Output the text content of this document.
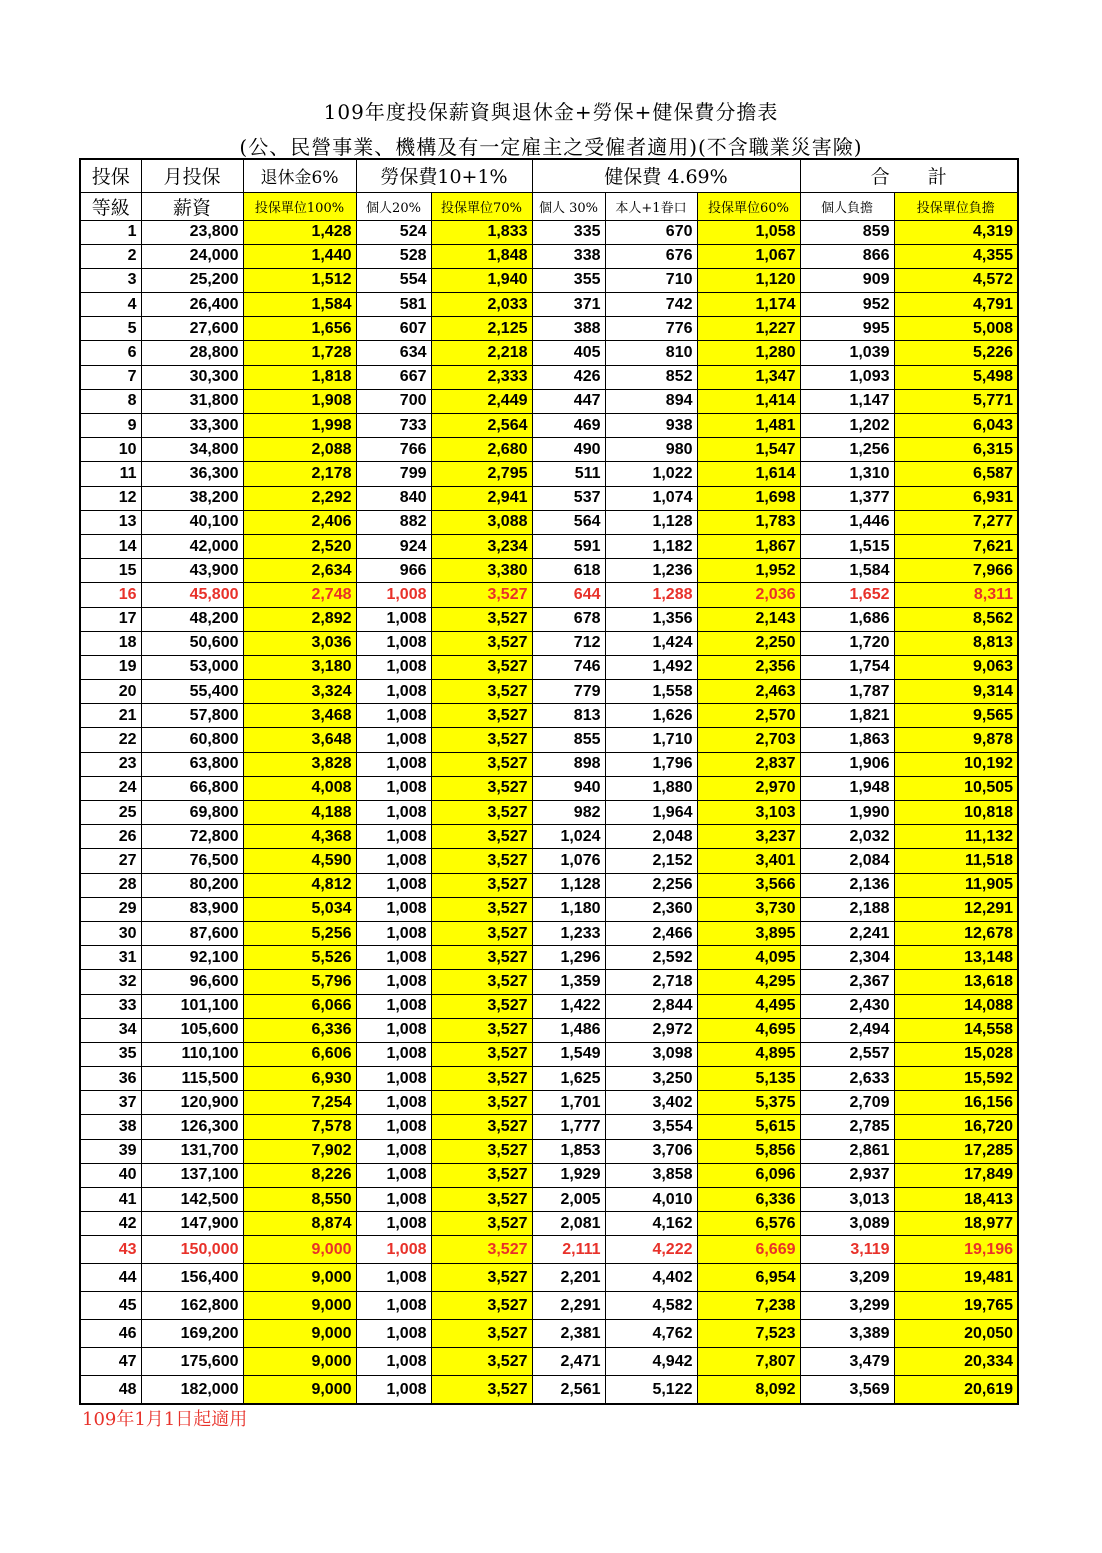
109年度投保薪資與退休金+勞保+健保費分擔表
(公、民營事業、機構及有一定雇主之受僱者適用)(不含職業災害險)
投保	月投保	退休金6%	勞保費10+1%		健保費 4.69%			合　　計	
等級	薪資	投保單位100%	個人20%	投保單位70%	個人 30%	本人+1眷口	投保單位60%	個人負擔	投保單位負擔
1	23,800	1,428	524	1,833	335	670	1,058	859	4,319
2	24,000	1,440	528	1,848	338	676	1,067	866	4,355
3	25,200	1,512	554	1,940	355	710	1,120	909	4,572
4	26,400	1,584	581	2,033	371	742	1,174	952	4,791
5	27,600	1,656	607	2,125	388	776	1,227	995	5,008
6	28,800	1,728	634	2,218	405	810	1,280	1,039	5,226
7	30,300	1,818	667	2,333	426	852	1,347	1,093	5,498
8	31,800	1,908	700	2,449	447	894	1,414	1,147	5,771
9	33,300	1,998	733	2,564	469	938	1,481	1,202	6,043
10	34,800	2,088	766	2,680	490	980	1,547	1,256	6,315
11	36,300	2,178	799	2,795	511	1,022	1,614	1,310	6,587
12	38,200	2,292	840	2,941	537	1,074	1,698	1,377	6,931
13	40,100	2,406	882	3,088	564	1,128	1,783	1,446	7,277
14	42,000	2,520	924	3,234	591	1,182	1,867	1,515	7,621
15	43,900	2,634	966	3,380	618	1,236	1,952	1,584	7,966
16	45,800	2,748	1,008	3,527	644	1,288	2,036	1,652	8,311
17	48,200	2,892	1,008	3,527	678	1,356	2,143	1,686	8,562
18	50,600	3,036	1,008	3,527	712	1,424	2,250	1,720	8,813
19	53,000	3,180	1,008	3,527	746	1,492	2,356	1,754	9,063
20	55,400	3,324	1,008	3,527	779	1,558	2,463	1,787	9,314
21	57,800	3,468	1,008	3,527	813	1,626	2,570	1,821	9,565
22	60,800	3,648	1,008	3,527	855	1,710	2,703	1,863	9,878
23	63,800	3,828	1,008	3,527	898	1,796	2,837	1,906	10,192
24	66,800	4,008	1,008	3,527	940	1,880	2,970	1,948	10,505
25	69,800	4,188	1,008	3,527	982	1,964	3,103	1,990	10,818
26	72,800	4,368	1,008	3,527	1,024	2,048	3,237	2,032	11,132
27	76,500	4,590	1,008	3,527	1,076	2,152	3,401	2,084	11,518
28	80,200	4,812	1,008	3,527	1,128	2,256	3,566	2,136	11,905
29	83,900	5,034	1,008	3,527	1,180	2,360	3,730	2,188	12,291
30	87,600	5,256	1,008	3,527	1,233	2,466	3,895	2,241	12,678
31	92,100	5,526	1,008	3,527	1,296	2,592	4,095	2,304	13,148
32	96,600	5,796	1,008	3,527	1,359	2,718	4,295	2,367	13,618
33	101,100	6,066	1,008	3,527	1,422	2,844	4,495	2,430	14,088
34	105,600	6,336	1,008	3,527	1,486	2,972	4,695	2,494	14,558
35	110,100	6,606	1,008	3,527	1,549	3,098	4,895	2,557	15,028
36	115,500	6,930	1,008	3,527	1,625	3,250	5,135	2,633	15,592
37	120,900	7,254	1,008	3,527	1,701	3,402	5,375	2,709	16,156
38	126,300	7,578	1,008	3,527	1,777	3,554	5,615	2,785	16,720
39	131,700	7,902	1,008	3,527	1,853	3,706	5,856	2,861	17,285
40	137,100	8,226	1,008	3,527	1,929	3,858	6,096	2,937	17,849
41	142,500	8,550	1,008	3,527	2,005	4,010	6,336	3,013	18,413
42	147,900	8,874	1,008	3,527	2,081	4,162	6,576	3,089	18,977
43	150,000	9,000	1,008	3,527	2,111	4,222	6,669	3,119	19,196
44	156,400	9,000	1,008	3,527	2,201	4,402	6,954	3,209	19,481
45	162,800	9,000	1,008	3,527	2,291	4,582	7,238	3,299	19,765
46	169,200	9,000	1,008	3,527	2,381	4,762	7,523	3,389	20,050
47	175,600	9,000	1,008	3,527	2,471	4,942	7,807	3,479	20,334
48	182,000	9,000	1,008	3,527	2,561	5,122	8,092	3,569	20,619
109年1月1日起適用
